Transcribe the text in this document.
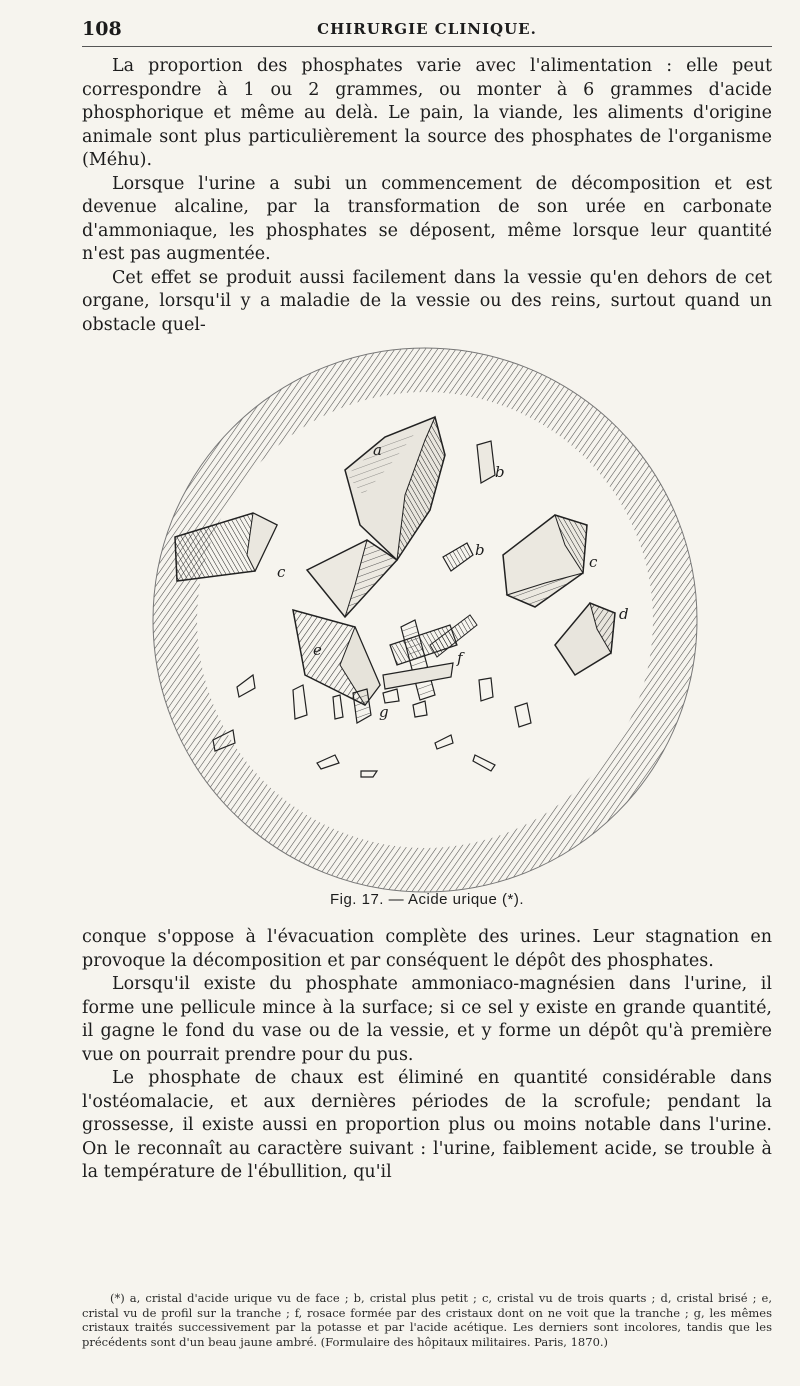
108	CHIRURGIE CLINIQUE.

La proportion des phosphates varie avec l'alimentation : elle peut correspondre à 1 ou 2 grammes, ou monter à 6 grammes d'acide phosphorique et même au delà. Le pain, la viande, les aliments d'origine animale sont plus particulièrement la source des phosphates de l'organisme (Méhu).

Lorsque l'urine a subi un commencement de décomposition et est devenue alcaline, par la transformation de son urée en carbonate d'ammoniaque, les phosphates se déposent, même lorsque leur quantité n'est pas augmentée.

Cet effet se produit aussi facilement dans la vessie qu'en dehors de cet organe, lorsqu'il y a maladie de la vessie ou des reins, surtout quand un obstacle quel-

a
b
c
b
c
d
e	f
g
Fig. 17. — Acide urique (*).

conque s'oppose à l'évacuation complète des urines. Leur stagnation en provoque la décomposition et par conséquent le dépôt des phosphates.

Lorsqu'il existe du phosphate ammoniaco-magnésien dans l'urine, il forme une pellicule mince à la surface; si ce sel y existe en grande quantité, il gagne le fond du vase ou de la vessie, et y forme un dépôt qu'à première vue on pourrait prendre pour du pus.

Le phosphate de chaux est éliminé en quantité considérable dans l'ostéomalacie, et aux dernières périodes de la scrofule; pendant la grossesse, il existe aussi en proportion plus ou moins notable dans l'urine. On le reconnaît au caractère suivant : l'urine, faiblement acide, se trouble à la température de l'ébullition, qu'il

(*) a, cristal d'acide urique vu de face ; b, cristal plus petit ; c, cristal vu de trois quarts ; d, cristal brisé ; e, cristal vu de profil sur la tranche ; f, rosace formée par des cristaux dont on ne voit que la tranche ; g, les mêmes cristaux traités successivement par la potasse et par l'acide acétique. Les derniers sont incolores, tandis que les précédents sont d'un beau jaune ambré. (Formulaire des hôpitaux militaires. Paris, 1870.)
